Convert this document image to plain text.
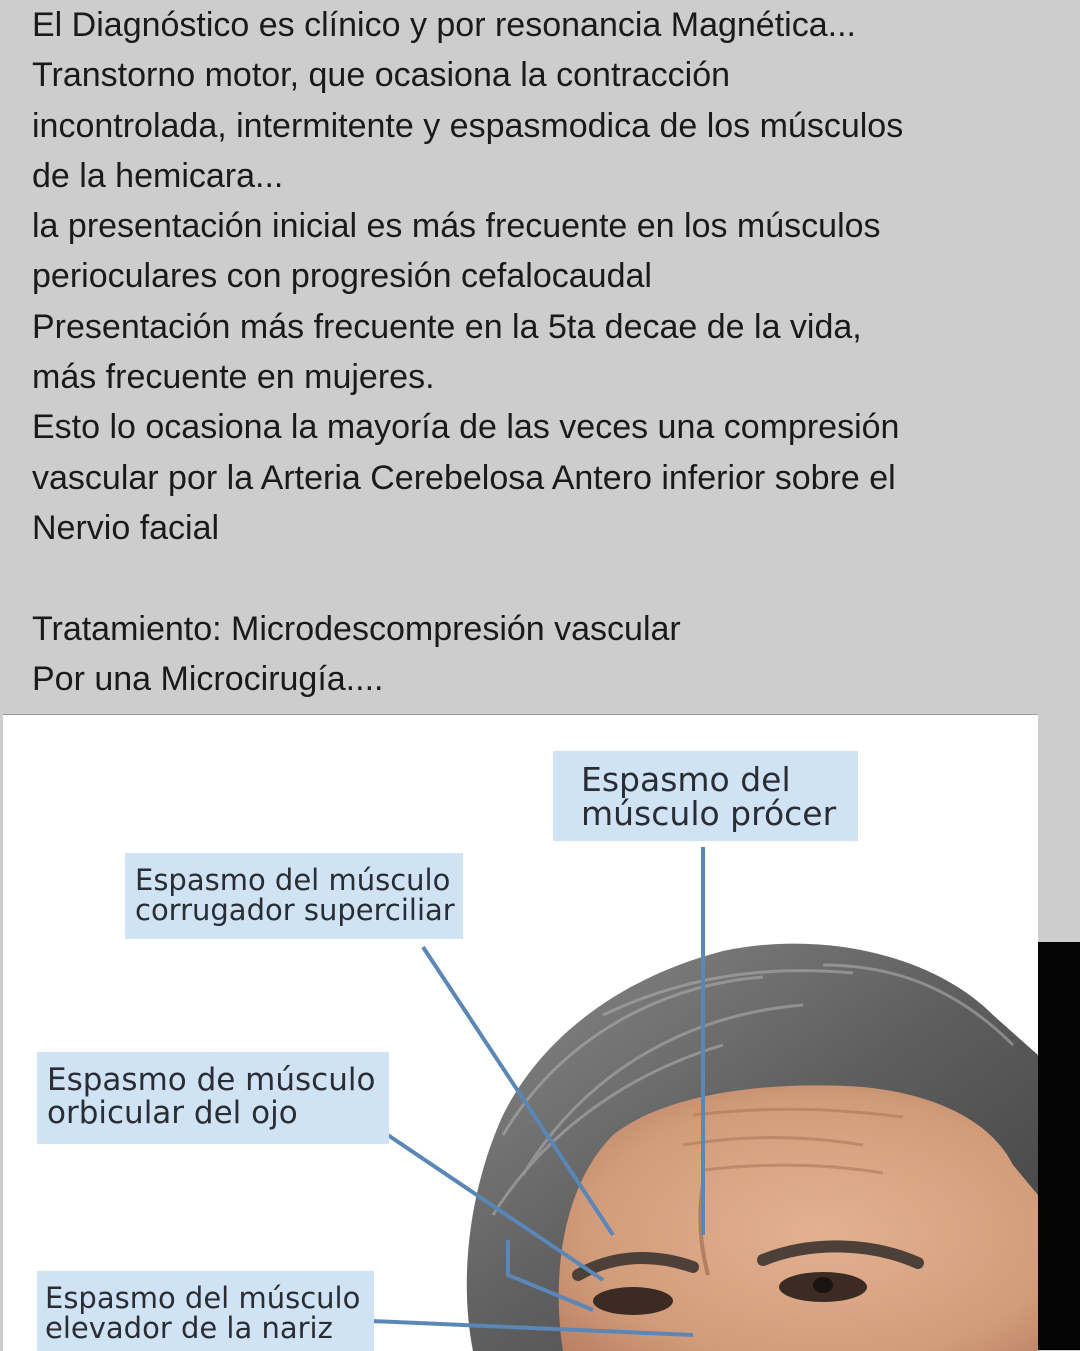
El Diagnóstico es clínico y por resonancia Magnética...
Transtorno motor, que ocasiona la contracción
incontrolada, intermitente y espasmodica de los músculos
de la hemicara...
la presentación inicial es más frecuente en los músculos
perioculares con progresión cefalocaudal
Presentación más frecuente en la 5ta decae de la vida,
más frecuente en mujeres.
Esto lo ocasiona la mayoría de las veces una compresión
vascular por la Arteria Cerebelosa Antero inferior sobre el
Nervio facial
Tratamiento: Microdescompresión vascular
Por una Microcirugía....
Espasmo del
músculo prócer
Espasmo del músculo
corrugador superciliar
Espasmo de músculo
orbicular del ojo
Espasmo del músculo
elevador de la nariz
